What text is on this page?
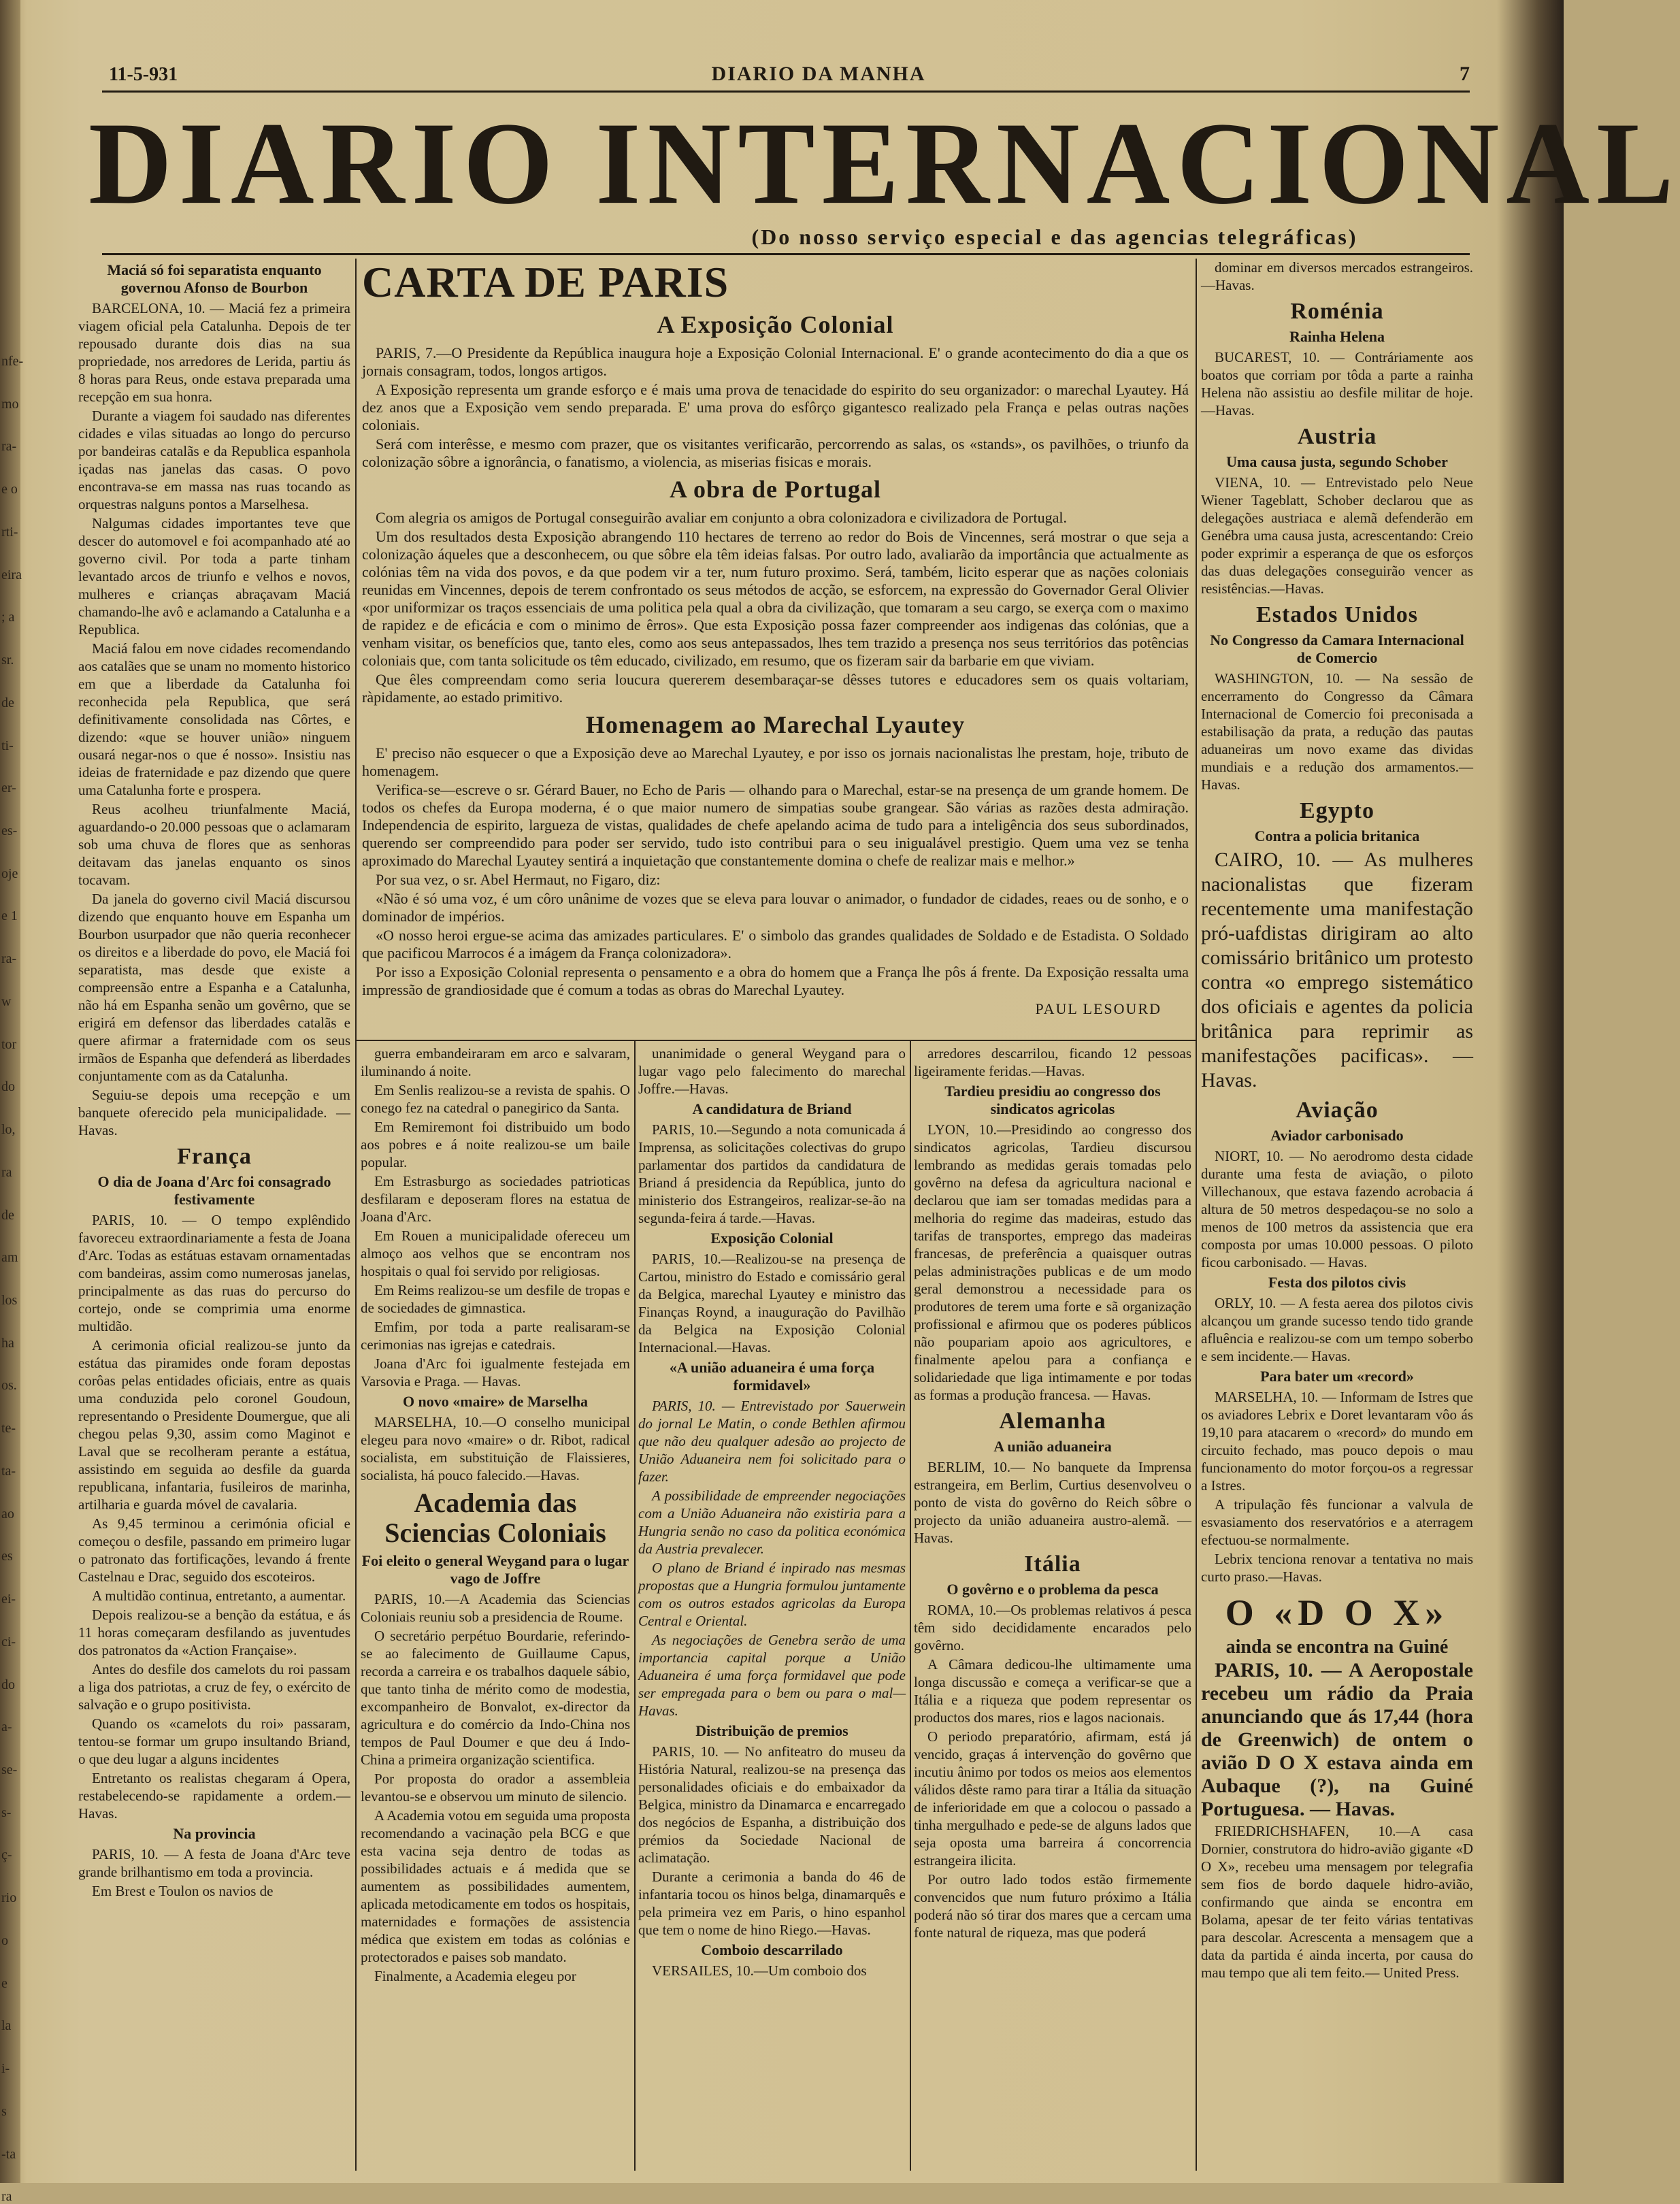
nfe-
mo
ra-
e o
rti-
eira
; a
sr.
de
ti-
er-
es-
oje
e 1
ra-
w
tor
do
lo,
ra
de
am
los
ha
os.
te-
ta-
ao
es
ei-
ci-
do
a-
se-
s-
ç-
rio
o
e
la
i-
s
-ta
ra
11-5-931	DIARIO DA MANHA	7
DIARIO INTERNACIONAL
(Do nosso serviço especial e das agencias telegráficas)
Maciá só foi separatista enquanto governou Afonso de Bourbon

BARCELONA, 10. — Maciá fez a primeira viagem oficial pela Catalunha. Depois de ter repousado durante dois dias na sua propriedade, nos arredores de Lerida, partiu ás 8 horas para Reus, onde estava preparada uma recepção em sua honra.

Durante a viagem foi saudado nas diferentes cidades e vilas situadas ao longo do percurso por bandeiras catalãs e da Republica espanhola içadas nas janelas das casas. O povo encontrava-se em massa nas ruas tocando as orquestras nalguns pontos a Marselhesa.

Nalgumas cidades importantes teve que descer do automovel e foi acompanhado até ao governo civil. Por toda a parte tinham levantado arcos de triunfo e velhos e novos, mulheres e crianças abraçavam Maciá chamando-lhe avô e aclamando a Catalunha e a Republica.

Maciá falou em nove cidades recomendando aos catalães que se unam no momento historico em que a liberdade da Catalunha foi reconhecida pela Republica, que será definitivamente consolidada nas Côrtes, e dizendo: «que se houver união» ninguem ousará negar-nos o que é nosso». Insistiu nas ideias de fraternidade e paz dizendo que quere uma Catalunha forte e prospera.

Reus acolheu triunfalmente Maciá, aguardando-o 20.000 pessoas que o aclamaram sob uma chuva de flores que as senhoras deitavam das janelas enquanto os sinos tocavam.

Da janela do governo civil Maciá discursou dizendo que enquanto houve em Espanha um Bourbon usurpador que não queria reconhecer os direitos e a liberdade do povo, ele Maciá foi separatista, mas desde que existe a compreensão entre a Espanha e a Catalunha, não há em Espanha senão um govêrno, que se erigirá em defensor das liberdades catalãs e quere afirmar a fraternidade com os seus irmãos de Espanha que defenderá as liberdades conjuntamente com as da Catalunha.

Seguiu-se depois uma recepção e um banquete oferecido pela municipalidade. — Havas.

França
O dia de Joana d'Arc foi consagrado festivamente

PARIS, 10. — O tempo explêndido favoreceu extraordinariamente a festa de Joana d'Arc. Todas as estátuas estavam ornamentadas com bandeiras, assim como numerosas janelas, principalmente as das ruas do percurso do cortejo, onde se comprimia uma enorme multidão.

A cerimonia oficial realizou-se junto da estátua das piramides onde foram depostas corôas pelas entidades oficiais, entre as quais uma conduzida pelo coronel Goudoun, representando o Presidente Doumergue, que ali chegou pelas 9,30, assim como Maginot e Laval que se recolheram perante a estátua, assistindo em seguida ao desfile da guarda republicana, infantaria, fusileiros de marinha, artilharia e guarda móvel de cavalaria.

As 9,45 terminou a cerimónia oficial e começou o desfile, passando em primeiro lugar o patronato das fortificações, levando á frente Castelnau e Drac, seguido dos escoteiros.

A multidão continua, entretanto, a aumentar.

Depois realizou-se a benção da estátua, e ás 11 horas começaram desfilando as juventudes dos patronatos da «Action Française».

Antes do desfile dos camelots du roi passam a liga dos patriotas, a cruz de fey, o exército de salvação e o grupo positivista.

Quando os «camelots du roi» passaram, tentou-se formar um grupo insultando Briand, o que deu lugar a alguns incidentes

Entretanto os realistas chegaram á Opera, restabelecendo-se rapidamente a ordem.—Havas.

Na provincia

PARIS, 10. — A festa de Joana d'Arc teve grande brilhantismo em toda a provincia.

Em Brest e Toulon os navios de

CARTA DE PARIS
A Exposição Colonial

PARIS, 7.—O Presidente da República inaugura hoje a Exposição Colonial Internacional. E' o grande acontecimento do dia a que os jornais consagram, todos, longos artigos.

A Exposição representa um grande esforço e é mais uma prova de tenacidade do espirito do seu organizador: o marechal Lyautey. Há dez anos que a Exposição vem sendo preparada. E' uma prova do esfôrço gigantesco realizado pela França e pelas outras nações coloniais.

Será com interêsse, e mesmo com prazer, que os visitantes verificarão, percorrendo as salas, os «stands», os pavilhões, o triunfo da colonização sôbre a ignorância, o fanatismo, a violencia, as miserias fisicas e morais.

A obra de Portugal

Com alegria os amigos de Portugal conseguirão avaliar em conjunto a obra colonizadora e civilizadora de Portugal.

Um dos resultados desta Exposição abrangendo 110 hectares de terreno ao redor do Bois de Vincennes, será mostrar o que seja a colonização áqueles que a desconhecem, ou que sôbre ela têm ideias falsas. Por outro lado, avaliarão da importância que actualmente as colónias têm na vida dos povos, e da que podem vir a ter, num futuro proximo. Será, também, licito esperar que as nações coloniais reunidas em Vincennes, depois de terem confrontado os seus métodos de acção, se esforcem, na expressão do Governador Geral Olivier «por uniformizar os traços essenciais de uma politica pela qual a obra da civilização, que tomaram a seu cargo, se exerça com o maximo de rapidez e de eficácia e com o minimo de êrros». Que esta Exposição possa fazer compreender aos indigenas das colónias, que a venham visitar, os benefícios que, tanto eles, como aos seus antepassados, lhes tem trazido a presença nos seus territórios das potências coloniais que, com tanta solicitude os têm educado, civilizado, em resumo, que os fizeram sair da barbarie em que viviam.

Que êles compreendam como seria loucura quererem desembaraçar-se dêsses tutores e educadores sem os quais voltariam, ràpidamente, ao estado primitivo.

Homenagem ao Marechal Lyautey

E' preciso não esquecer o que a Exposição deve ao Marechal Lyautey, e por isso os jornais nacionalistas lhe prestam, hoje, tributo de homenagem.

Verifica-se—escreve o sr. Gérard Bauer, no Echo de Paris — olhando para o Marechal, estar-se na presença de um grande homem. De todos os chefes da Europa moderna, é o que maior numero de simpatias soube grangear. São várias as razões desta admiração. Independencia de espirito, largueza de vistas, qualidades de chefe apelando acima de tudo para a inteligência dos seus subordinados, querendo ser compreendido para poder ser servido, tudo isto contribui para o seu inigualável prestigio. Quem uma vez se tenha aproximado do Marechal Lyautey sentirá a inquietação que constantemente domina o chefe de realizar mais e melhor.»

Por sua vez, o sr. Abel Hermaut, no Figaro, diz:

«Não é só uma voz, é um côro unânime de vozes que se eleva para louvar o animador, o fundador de cidades, reaes ou de sonho, e o dominador de impérios.

«O nosso heroi ergue-se acima das amizades particulares. E' o simbolo das grandes qualidades de Soldado e de Estadista. O Soldado que pacificou Marrocos é a imágem da França colonizadora».

Por isso a Exposição Colonial representa o pensamento e a obra do homem que a França lhe pôs á frente. Da Exposição ressalta uma impressão de grandiosidade que é comum a todas as obras do Marechal Lyautey.

PAUL LESOURD

guerra embandeiraram em arco e salvaram, iluminando á noite.

Em Senlis realizou-se a revista de spahis. O conego fez na catedral o panegirico da Santa.

Em Remiremont foi distribuido um bodo aos pobres e á noite realizou-se um baile popular.

Em Estrasburgo as sociedades patrioticas desfilaram e deposeram flores na estatua de Joana d'Arc.

Em Rouen a municipalidade ofereceu um almoço aos velhos que se encontram nos hospitais o qual foi servido por religiosas.

Em Reims realizou-se um desfile de tropas e de sociedades de gimnastica.

Emfim, por toda a parte realisaram-se cerimonias nas igrejas e catedrais.

Joana d'Arc foi igualmente festejada em Varsovia e Praga. — Havas.

O novo «maire» de Marselha

MARSELHA, 10.—O conselho municipal elegeu para novo «maire» o dr. Ribot, radical socialista, em substituição de Flaissieres, socialista, há pouco falecido.—Havas.

Academia das Sciencias Coloniais
Foi eleito o general Weygand para o lugar vago de Joffre

PARIS, 10.—A Academia das Sciencias Coloniais reuniu sob a presidencia de Roume.

O secretário perpétuo Bourdarie, referindo-se ao falecimento de Guillaume Capus, recorda a carreira e os trabalhos daquele sábio, que tanto tinha de mérito como de modestia, excompanheiro de Bonvalot, ex-director da agricultura e do comércio da Indo-China nos tempos de Paul Doumer e que deu á Indo-China a primeira organização scientifica.

Por proposta do orador a assembleia levantou-se e observou um minuto de silencio.

A Academia votou em seguida uma proposta recomendando a vacinação pela BCG e que esta vacina seja dentro de todas as possibilidades actuais e á medida que se aumentem as possibilidades aumentem, aplicada metodicamente em todos os hospitais, maternidades e formações de assistencia médica que existem em todas as colónias e protectorados e paises sob mandato.

Finalmente, a Academia elegeu por

unanimidade o general Weygand para o lugar vago pelo falecimento do marechal Joffre.—Havas.

A candidatura de Briand

PARIS, 10.—Segundo a nota comunicada á Imprensa, as solicitações colectivas do grupo parlamentar dos partidos da candidatura de Briand á presidencia da República, junto do ministerio dos Estrangeiros, realizar-se-ão na segunda-feira á tarde.—Havas.

Exposição Colonial

PARIS, 10.—Realizou-se na presença de Cartou, ministro do Estado e comissário geral da Belgica, marechal Lyautey e ministro das Finanças Roynd, a inauguração do Pavilhão da Belgica na Exposição Colonial Internacional.—Havas.

«A união aduaneira é uma força formidavel»

PARIS, 10. — Entrevistado por Sauerwein do jornal Le Matin, o conde Bethlen afirmou que não deu qualquer adesão ao projecto de União Aduaneira nem foi solicitado para o fazer.

A possibilidade de empreender negociações com a União Aduaneira não existiria para a Hungria senão no caso da politica económica da Austria prevalecer.

O plano de Briand é inpirado nas mesmas propostas que a Hungria formulou juntamente com os outros estados agricolas da Europa Central e Oriental.

As negociações de Genebra serão de uma importancia capital porque a União Aduaneira é uma força formidavel que pode ser empregada para o bem ou para o mal—Havas.

Distribuição de premios

PARIS, 10. — No anfiteatro do museu da História Natural, realizou-se na presença das personalidades oficiais e do embaixador da Belgica, ministro da Dinamarca e encarregado dos negócios de Espanha, a distribuição dos prémios da Sociedade Nacional de aclimatação.

Durante a cerimonia a banda do 46 de infantaria tocou os hinos belga, dinamarquês e pela primeira vez em Paris, o hino espanhol que tem o nome de hino Riego.—Havas.

Comboio descarrilado

VERSAILES, 10.—Um comboio dos

arredores descarrilou, ficando 12 pessoas ligeiramente feridas.—Havas.

Tardieu presidiu ao congresso dos sindicatos agricolas

LYON, 10.—Presidindo ao congresso dos sindicatos agricolas, Tardieu discursou lembrando as medidas gerais tomadas pelo govêrno na defesa da agricultura nacional e declarou que iam ser tomadas medidas para a melhoria do regime das madeiras, estudo das tarifas de transportes, emprego das madeiras francesas, de preferência a quaisquer outras pelas administrações publicas e de um modo geral demonstrou a necessidade para os produtores de terem uma forte e sã organização profissional e afirmou que os poderes públicos não poupariam apoio aos agricultores, e finalmente apelou para a confiança e solidariedade que liga intimamente e por todas as formas a produção francesa. — Havas.

Alemanha
A união aduaneira

BERLIM, 10.— No banquete da Imprensa estrangeira, em Berlim, Curtius desenvolveu o ponto de vista do govêrno do Reich sôbre o projecto da união aduaneira austro-alemã. — Havas.

Itália
O govêrno e o problema da pesca

ROMA, 10.—Os problemas relativos á pesca têm sido decididamente encarados pelo govêrno.

A Câmara dedicou-lhe ultimamente uma longa discussão e começa a verificar-se que a Itália e a riqueza que podem representar os productos dos mares, rios e lagos nacionais.

O periodo preparatório, afirmam, está já vencido, graças á intervenção do govêrno que incutiu ânimo por todos os meios aos elementos válidos dêste ramo para tirar a Itália da situação de inferioridade em que a colocou o passado a tinha mergulhado e pede-se de alguns lados que seja oposta uma barreira á concorrencia estrangeira ilicita.

Por outro lado todos estão firmemente convencidos que num futuro próximo a Itália poderá não só tirar dos mares que a cercam uma fonte natural de riqueza, mas que poderá

dominar em diversos mercados estrangeiros.—Havas.

Roménia
Rainha Helena

BUCAREST, 10. — Contráriamente aos boatos que corriam por tôda a parte a rainha Helena não assistiu ao desfile militar de hoje.—Havas.

Austria
Uma causa justa, segundo Schober

VIENA, 10. — Entrevistado pelo Neue Wiener Tageblatt, Schober declarou que as delegações austriaca e alemã defenderão em Genébra uma causa justa, acrescentando: Creio poder exprimir a esperança de que os esforços das duas delegações conseguirão vencer as resistências.—Havas.

Estados Unidos
No Congresso da Camara Internacional de Comercio

WASHINGTON, 10. — Na sessão de encerramento do Congresso da Câmara Internacional de Comercio foi preconisada a estabilisação da prata, a redução das pautas aduaneiras um novo exame das dividas mundiais e a redução dos armamentos.—Havas.

Egypto
Contra a policia britanica

CAIRO, 10. — As mulheres nacionalistas que fizeram recentemente uma manifestação pró-uafdistas dirigiram ao alto comissário britânico um protesto contra «o emprego sistemático dos oficiais e agentes da policia britânica para reprimir as manifestações pacificas». — Havas.

Aviação
Aviador carbonisado

NIORT, 10. — No aerodromo desta cidade durante uma festa de aviação, o piloto Villechanoux, que estava fazendo acrobacia á altura de 50 metros despedaçou-se no solo a menos de 100 metros da assistencia que era composta por umas 10.000 pessoas. O piloto ficou carbonisado. — Havas.

Festa dos pilotos civis

ORLY, 10. — A festa aerea dos pilotos civis alcançou um grande sucesso tendo tido grande afluência e realizou-se com um tempo soberbo e sem incidente.— Havas.

Para bater um «record»

MARSELHA, 10. — Informam de Istres que os aviadores Lebrix e Doret levantaram vôo ás 19,10 para atacarem o «record» do mundo em circuito fechado, mas pouco depois o mau funcionamento do motor forçou-os a regressar a Istres.

A tripulação fês funcionar a valvula de esvasiamento dos reservatórios e a aterragem efectuou-se normalmente.

Lebrix tenciona renovar a tentativa no mais curto praso.—Havas.

O «D O X»
ainda se encontra na Guiné

PARIS, 10. — A Aeropostale recebeu um rádio da Praia anunciando que ás 17,44 (hora de Greenwich) de ontem o avião D O X estava ainda em Aubaque (?), na Guiné Portuguesa. — Havas.

FRIEDRICHSHAFEN, 10.—A casa Dornier, construtora do hidro-avião gigante «D O X», recebeu uma mensagem por telegrafia sem fios de bordo daquele hidro-avião, confirmando que ainda se encontra em Bolama, apesar de ter feito várias tentativas para descolar. Acrescenta a mensagem que a data da partida é ainda incerta, por causa do mau tempo que ali tem feito.— United Press.
